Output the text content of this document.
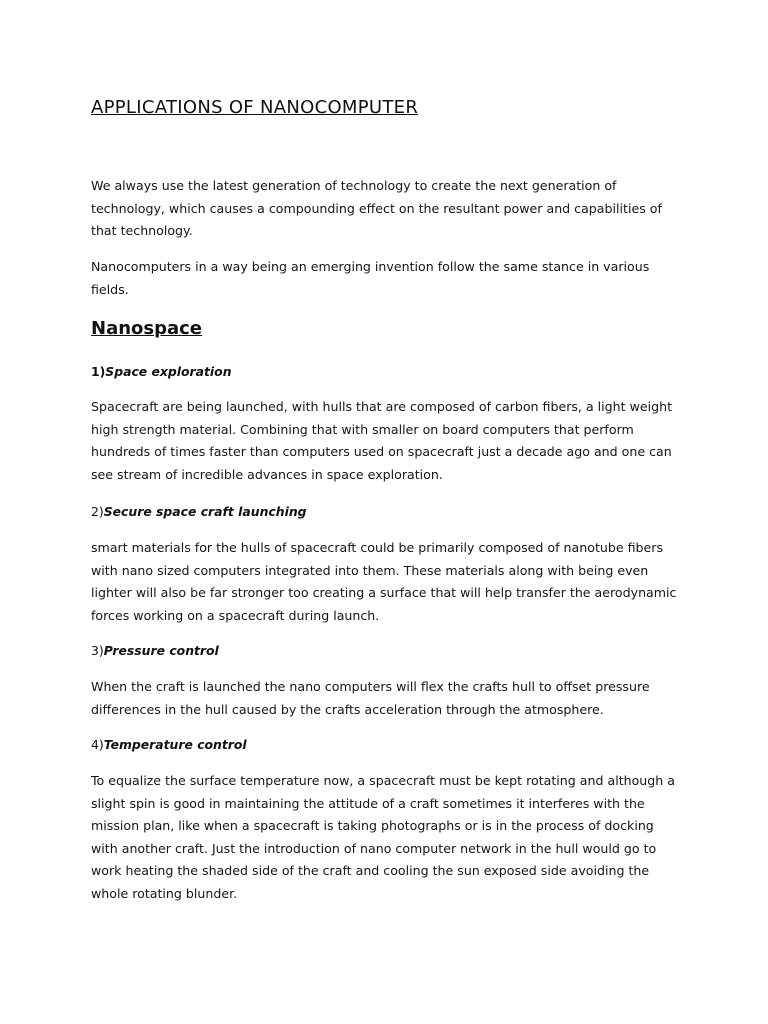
APPLICATIONS OF NANOCOMPUTER

We always use the latest generation of technology to create the next generation of technology, which causes a compounding effect on the resultant power and capabilities of that technology.

Nanocomputers in a way being an emerging invention follow the same stance in various fields.

Nanospace

1)Space exploration

Spacecraft are being launched, with hulls that are composed of carbon fibers, a light weight high strength material. Combining that with smaller on board computers that perform hundreds of times faster than computers used on spacecraft just a decade ago and one can see stream of incredible advances in space exploration.

2)Secure space craft launching

smart materials for the hulls of spacecraft could be primarily composed of nanotube fibers with nano sized computers integrated into them. These materials along with being even lighter will also be far stronger too creating a surface that will help transfer the aerodynamic forces working on a spacecraft during launch.

3)Pressure control

When the craft is launched the nano computers will flex the crafts hull to offset pressure differences in the hull caused by the crafts acceleration through the atmosphere.

4)Temperature control

To equalize the surface temperature now, a spacecraft must be kept rotating and although a slight spin is good in maintaining the attitude of a craft sometimes it interferes with the mission plan, like when a spacecraft is taking photographs or is in the process of docking with another craft. Just the introduction of nano computer network in the hull would go to work heating the shaded side of the craft and cooling the sun exposed side avoiding the whole rotating blunder.
